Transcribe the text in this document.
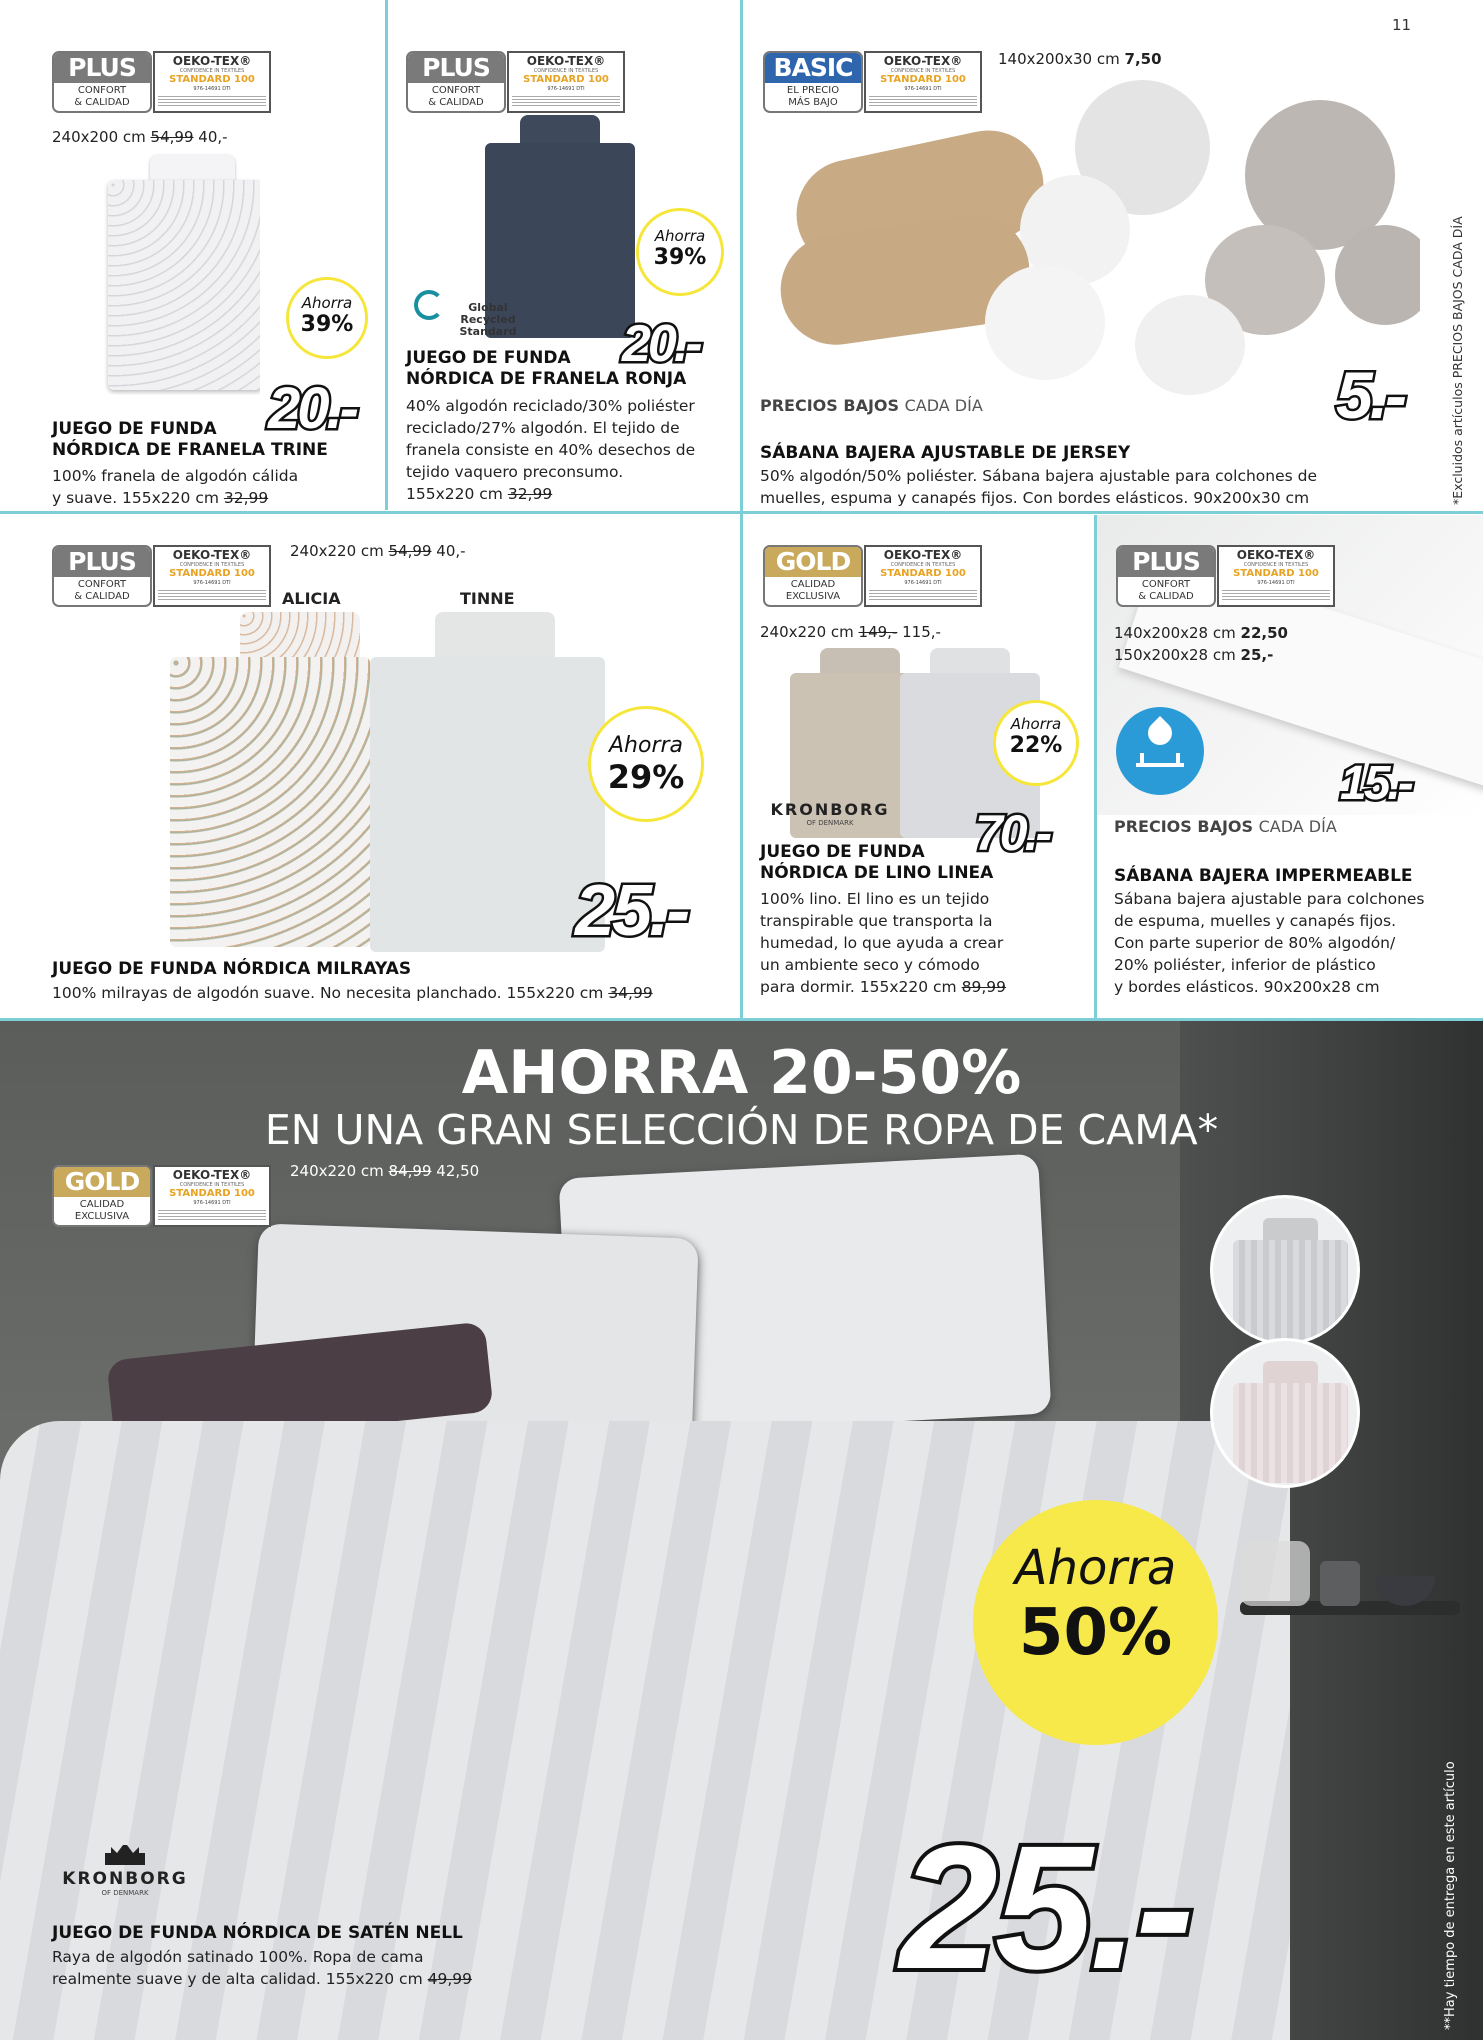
11
*Excluidos artículos PRECIOS BAJOS CADA DÍA
PLUS
CONFORT
& CALIDAD
OEKO-TEX®
CONFIDENCE IN TEXTILES
STANDARD 100
976-14691 DTI
240x200 cm 54,99 40,-
Ahorra
39%
20.-
JUEGO DE FUNDA
NÓRDICA DE FRANELA TRINE
100% franela de algodón cálida
y suave. 155x220 cm 32,99
PLUS
CONFORT
& CALIDAD
OEKO-TEX®
CONFIDENCE IN TEXTILES
STANDARD 100
976-14691 DTI
Ahorra
39%
Global Recycled
Standard	20.-
JUEGO DE FUNDA
NÓRDICA DE FRANELA RONJA
40% algodón reciclado/30% poliéster
reciclado/27% algodón. El tejido de
franela consiste en 40% desechos de
tejido vaquero preconsumo.
155x220 cm 32,99
BASIC
EL PRECIO
MÁS BAJO
OEKO-TEX®
CONFIDENCE IN TEXTILES
STANDARD 100
976-14691 DTI
140x200x30 cm 7,50
5.-
PRECIOS BAJOS CADA DÍA
SÁBANA BAJERA AJUSTABLE DE JERSEY
50% algodón/50% poliéster. Sábana bajera ajustable para colchones de
muelles, espuma y canapés fijos. Con bordes elásticos. 90x200x30 cm
PLUS
CONFORT
& CALIDAD
OEKO-TEX®
CONFIDENCE IN TEXTILES
STANDARD 100
976-14691 DTI
240x220 cm 54,99 40,-
ALICIA	TINNE
Ahorra
29%
25.-
JUEGO DE FUNDA NÓRDICA MILRAYAS
100% milrayas de algodón suave. No necesita planchado. 155x220 cm 34,99
GOLD
CALIDAD
EXCLUSIVA
OEKO-TEX®
CONFIDENCE IN TEXTILES
STANDARD 100
976-14691 DTI
240x220 cm 149,- 115,-
Ahorra
22%
KRONBORG
OF DENMARK	70.-
JUEGO DE FUNDA
NÓRDICA DE LINO LINEA
100% lino. El lino es un tejido
transpirable que transporta la
humedad, lo que ayuda a crear
un ambiente seco y cómodo
para dormir. 155x220 cm 89,99
PLUS
CONFORT
& CALIDAD
OEKO-TEX®
CONFIDENCE IN TEXTILES
STANDARD 100
976-14691 DTI
140x200x28 cm 22,50
150x200x28 cm 25,-
15.-
PRECIOS BAJOS CADA DÍA
SÁBANA BAJERA IMPERMEABLE
Sábana bajera ajustable para colchones
de espuma, muelles y canapés fijos.
Con parte superior de 80% algodón/
20% poliéster, inferior de plástico
y bordes elásticos. 90x200x28 cm
AHORRA 20-50%
EN UNA GRAN SELECCIÓN DE ROPA DE CAMA*
GOLD
CALIDAD
EXCLUSIVA
OEKO-TEX®
CONFIDENCE IN TEXTILES
STANDARD 100
976-14691 DTI
240x220 cm 84,99 42,50
Ahorra
50%
**Hay tiempo de entrega en este artículo
KRONBORG
OF DENMARK	25.-
JUEGO DE FUNDA NÓRDICA DE SATÉN NELL
Raya de algodón satinado 100%. Ropa de cama
realmente suave y de alta calidad. 155x220 cm 49,99
